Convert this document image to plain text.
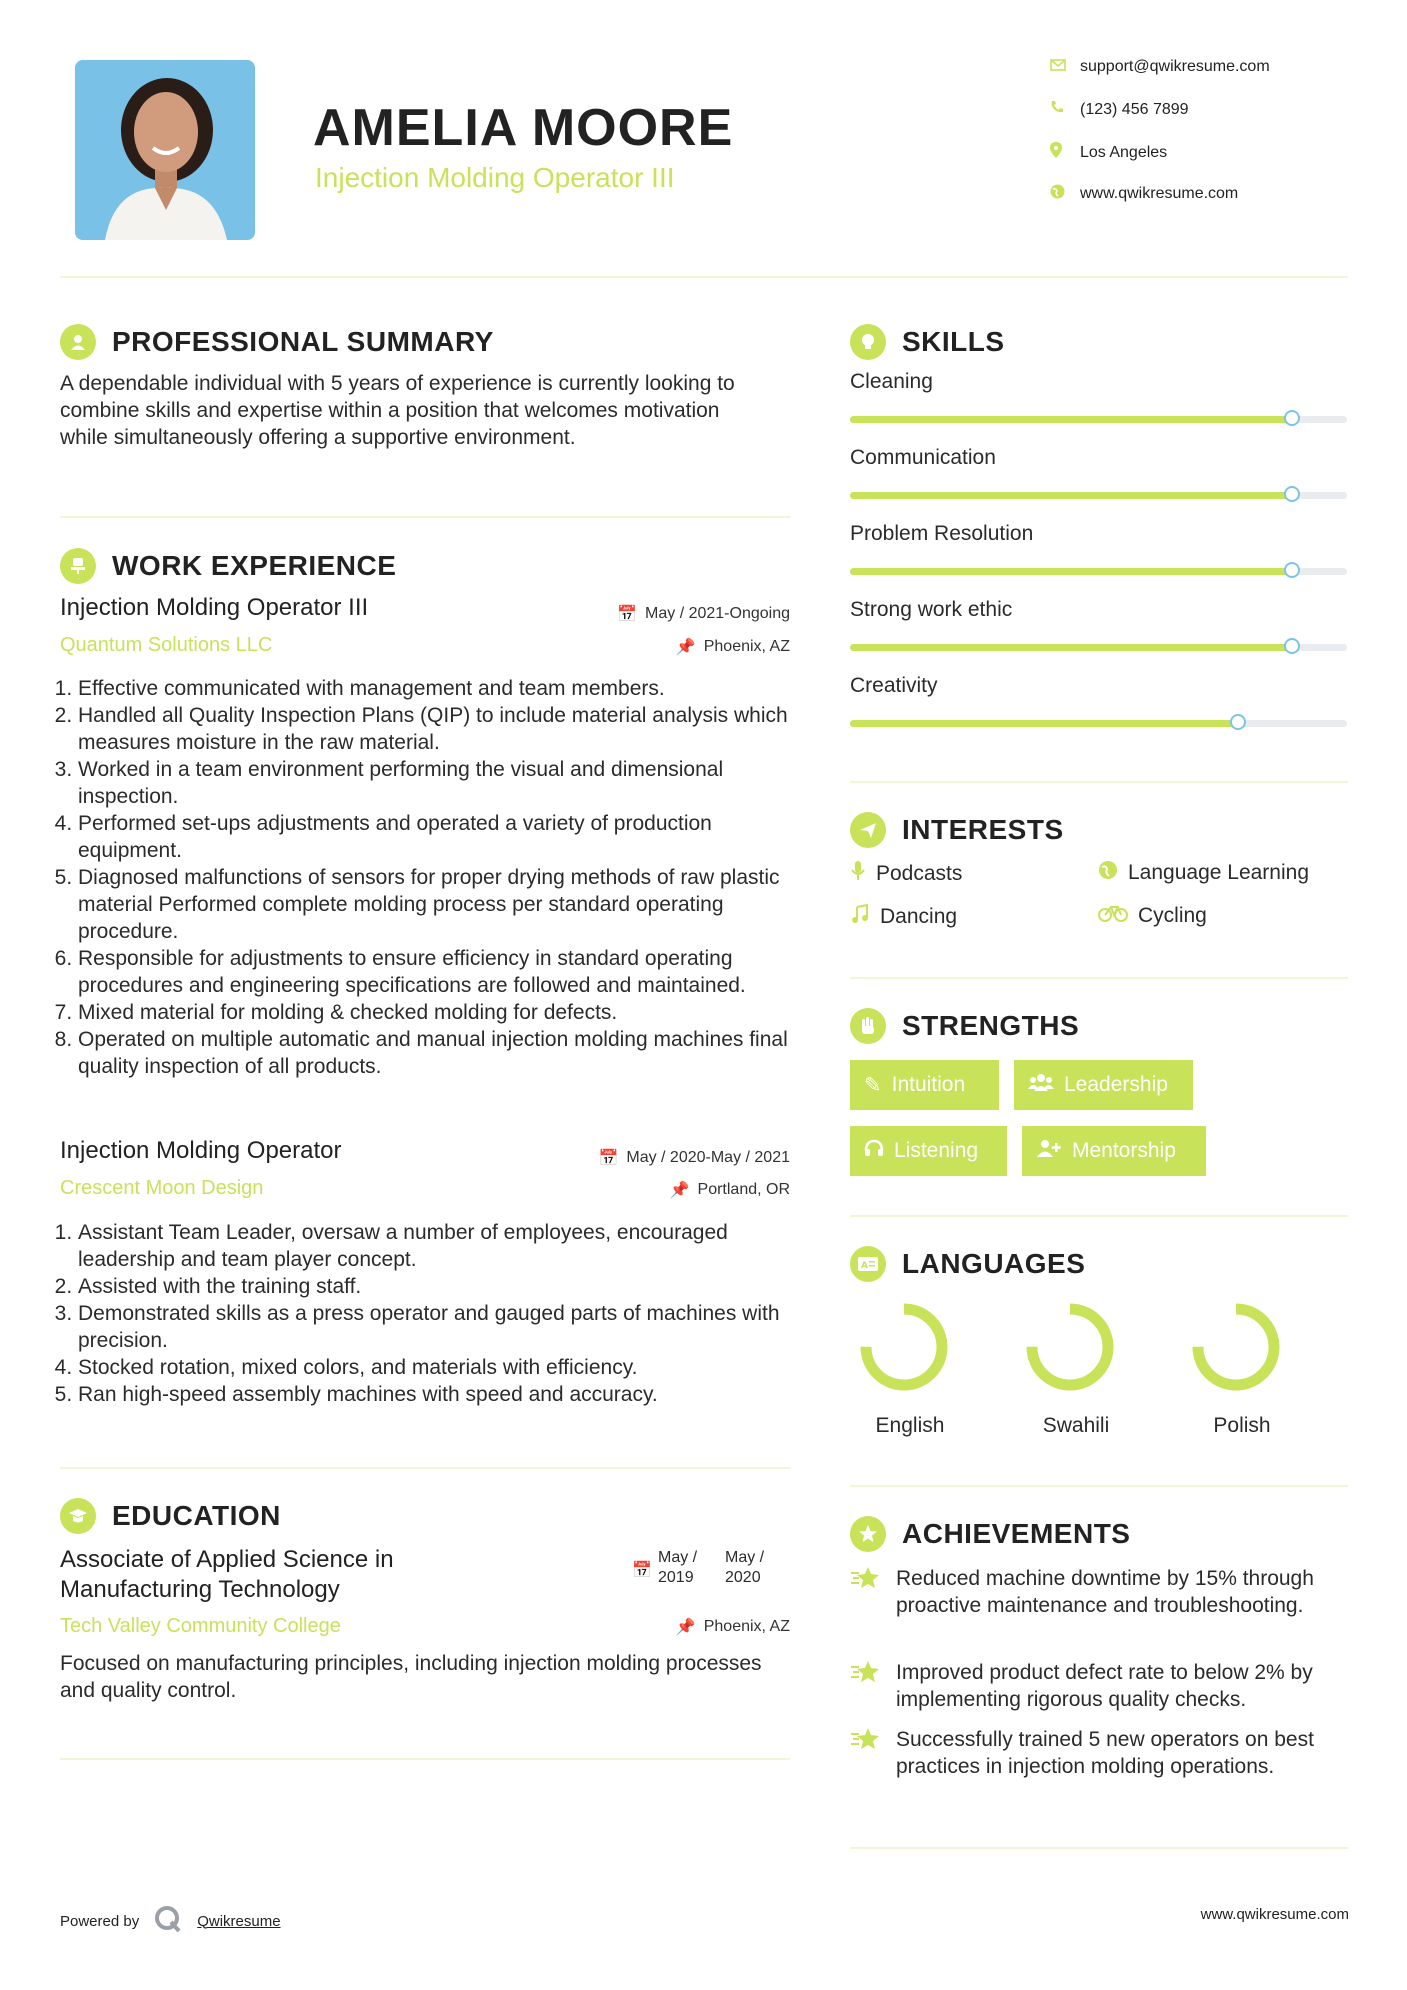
AMELIA MOORE
Injection Molding Operator III
support@qwikresume.com
(123) 456 7899
Los Angeles
www.qwikresume.com
PROFESSIONAL SUMMARY
A dependable individual with 5 years of experience is currently looking to combine skills and expertise within a position that welcomes motivation while simultaneously offering a supportive environment.
WORK EXPERIENCE
Injection Molding Operator III	📅 May / 2021-Ongoing
Quantum Solutions LLC	📌 Phoenix, AZ
1. Effective communicated with management and team members.
2. Handled all Quality Inspection Plans (QIP) to include material analysis which measures moisture in the raw material.
3. Worked in a team environment performing the visual and dimensional inspection.
4. Performed set-ups adjustments and operated a variety of production equipment.
5. Diagnosed malfunctions of sensors for proper drying methods of raw plastic material Performed complete molding process per standard operating procedure.
6. Responsible for adjustments to ensure efficiency in standard operating procedures and engineering specifications are followed and maintained.
7. Mixed material for molding & checked molding for defects.
8. Operated on multiple automatic and manual injection molding machines final quality inspection of all products.
Injection Molding Operator	📅 May / 2020-May / 2021
Crescent Moon Design	📌 Portland, OR
1. Assistant Team Leader, oversaw a number of employees, encouraged leadership and team player concept.
2. Assisted with the training staff.
3. Demonstrated skills as a press operator and gauged parts of machines with precision.
4. Stocked rotation, mixed colors, and materials with efficiency.
5. Ran high-speed assembly machines with speed and accuracy.
EDUCATION
Associate of Applied Science in Manufacturing Technology
📅
May / 2019
May / 2020
Tech Valley Community College	📌 Phoenix, AZ
Focused on manufacturing principles, including injection molding processes and quality control.
SKILLS
Cleaning
Communication
Problem Resolution
Strong work ethic
Creativity
INTERESTS
Podcasts	Language Learning
Dancing	Cycling
STRENGTHS
✎ Intuition	Leadership
Listening	Mentorship
A LANGUAGES
English	Swahili	Polish
ACHIEVEMENTS
Reduced machine downtime by 15% through proactive maintenance and troubleshooting.
Improved product defect rate to below 2% by implementing rigorous quality checks.
Successfully trained 5 new operators on best practices in injection molding operations.
Powered by	Qwikresume	www.qwikresume.com
